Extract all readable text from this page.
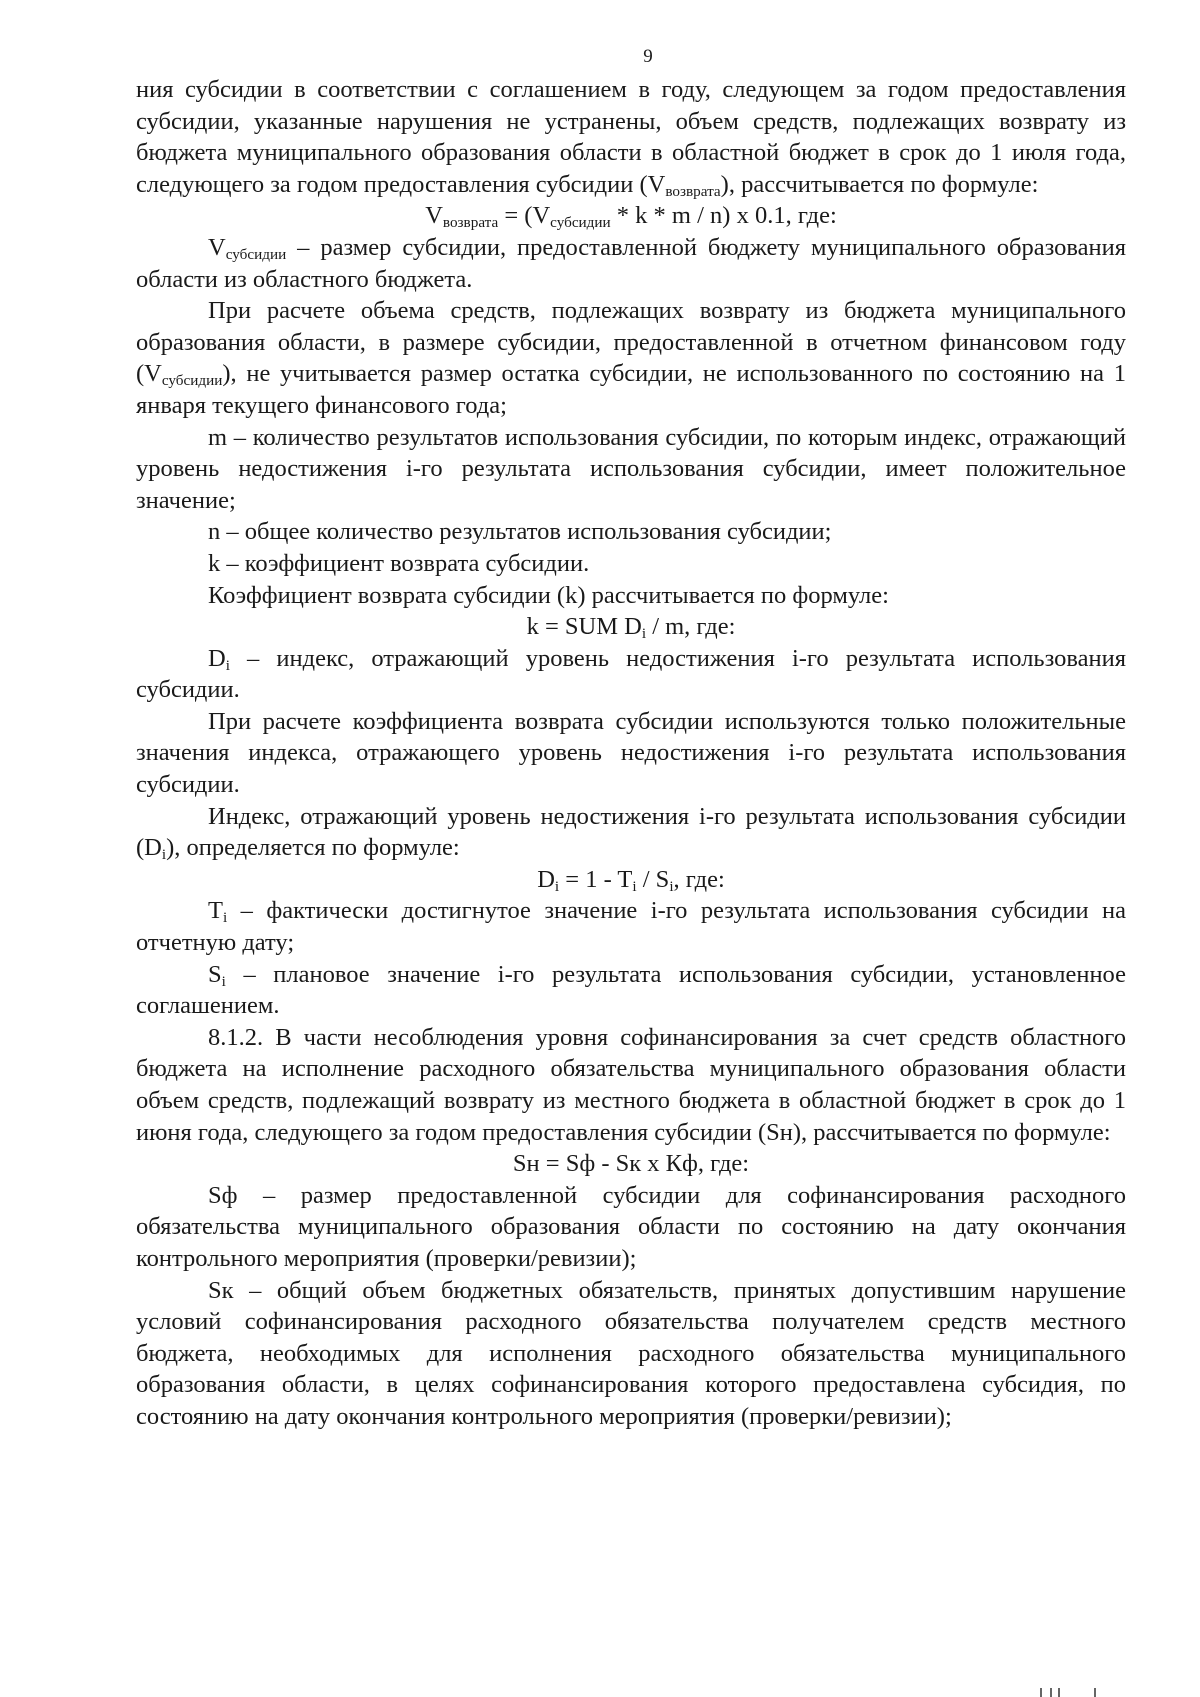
9

ния субсидии в соответствии с соглашением в году, следующем за годом предоставления субсидии, указанные нарушения не устранены, объем средств, подлежащих возврату из бюджета муниципального образования области в областной бюджет в срок до 1 июля года, следующего за годом предоставления субсидии $(V_{возврата})$, рассчитывается по формуле:

$V_{возврата} = (V_{субсидии} * k * m / n)$ x 0.1, где:

$V_{субсидии}$ – размер субсидии, предоставленной бюджету муниципального образования области из областного бюджета.

При расчете объема средств, подлежащих возврату из бюджета муниципального образования области, в размере субсидии, предоставленной в отчетном финансовом году $(V_{субсидии})$, не учитывается размер остатка субсидии, не использованного по состоянию на 1 января текущего финансового года;

m – количество результатов использования субсидии, по которым индекс, отражающий уровень недостижения i-го результата использования субсидии, имеет положительное значение;

n – общее количество результатов использования субсидии;

k – коэффициент возврата субсидии.

Коэффициент возврата субсидии (k) рассчитывается по формуле:

k = SUM $D_i$ / m, где:

$D_i$ – индекс, отражающий уровень недостижения i-го результата использования субсидии.

При расчете коэффициента возврата субсидии используются только положительные значения индекса, отражающего уровень недостижения i-го результата использования субсидии.

Индекс, отражающий уровень недостижения i-го результата использования субсидии $(D_i)$, определяется по формуле:

$D_i = 1 - T_i / S_i$, где:

$T_i$ – фактически достигнутое значение i-го результата использования субсидии на отчетную дату;

$S_i$ – плановое значение i-го результата использования субсидии, установленное соглашением.

8.1.2. В части несоблюдения уровня софинансирования за счет средств областного бюджета на исполнение расходного обязательства муниципального образования области объем средств, подлежащий возврату из местного бюджета в областной бюджет в срок до 1 июня года, следующего за годом предоставления субсидии (Sн), рассчитывается по формуле:

Sн = Sф - Sк x Кф, где:

Sф – размер предоставленной субсидии для софинансирования расходного обязательства муниципального образования области по состоянию на дату окончания контрольного мероприятия (проверки/ревизии);

Sк – общий объем бюджетных обязательств, принятых допустившим нарушение условий софинансирования расходного обязательства получателем средств местного бюджета, необходимых для исполнения расходного обязательства муниципального образования области, в целях софинансирования которого предоставлена субсидия, по состоянию на дату окончания контрольного мероприятия (проверки/ревизии);
